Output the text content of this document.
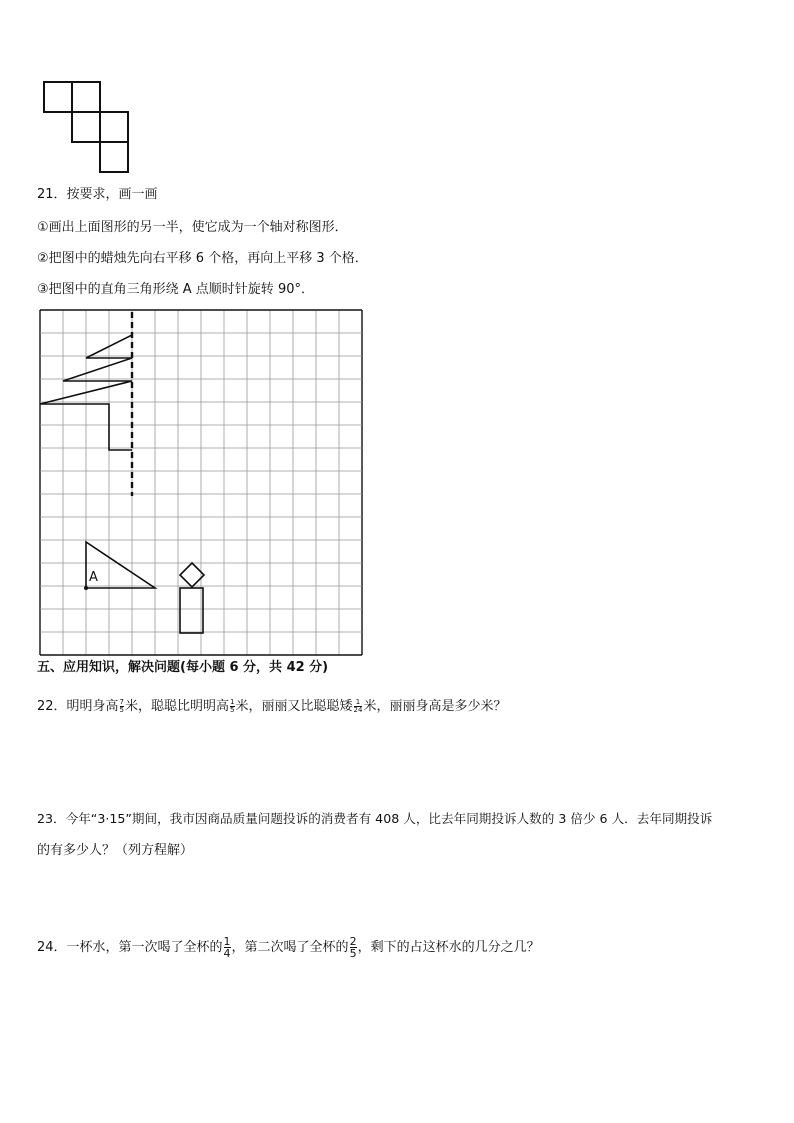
21．按要求，画一画
①画出上面图形的另一半，使它成为一个轴对称图形．
②把图中的蜡烛先向右平移 6 个格，再向上平移 3 个格．
③把图中的直角三角形绕 A 点顺时针旋转 90°．
A
五、应用知识，解决问题(每小题 6 分，共 42 分)
22．明明身高 $\frac{7}{5}$ 米，聪聪比明明高 $\frac{1}{5}$ 米，丽丽又比聪聪矮 $\frac{1}{24}$ 米，丽丽身高是多少米？
23．今年“3·15”期间，我市因商品质量问题投诉的消费者有 408 人，比去年同期投诉人数的 3 倍少 6 人．去年同期投诉
的有多少人？（列方程解）
24．一杯水，第一次喝了全杯的 $\frac{1}{4}$ ，第二次喝了全杯的 $\frac{2}{5}$ ，剩下的占这杯水的几分之几？
